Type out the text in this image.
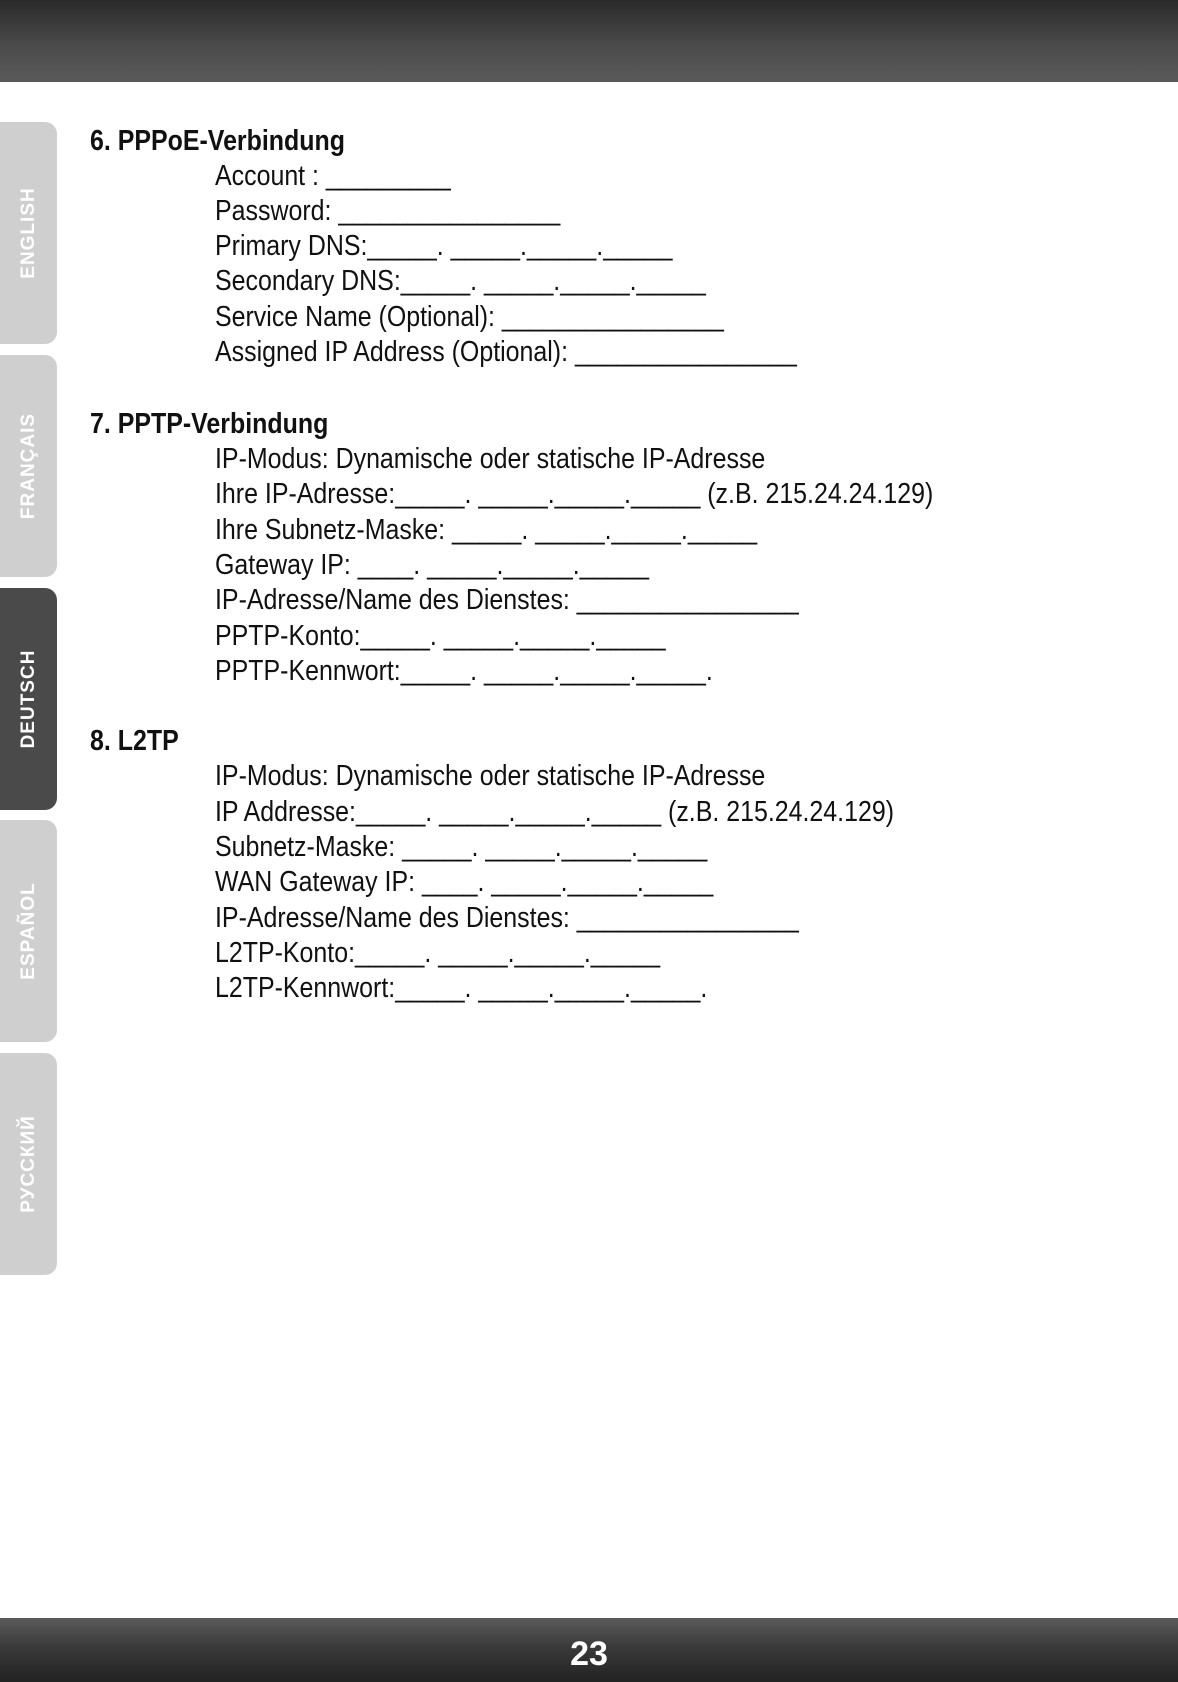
ENGLISH
FRANÇAIS
DEUTSCH
ESPAÑOL
РУССКИЙ
6. PPPoE-Verbindung
Account : _________
Password: ________________
Primary DNS:_____. _____._____._____
Secondary DNS:_____. _____._____._____
Service Name (Optional): ________________
Assigned IP Address (Optional): ________________
7. PPTP-Verbindung
IP-Modus: Dynamische oder statische IP-Adresse
Ihre IP-Adresse:_____. _____._____._____ (z.B. 215.24.24.129)
Ihre Subnetz-Maske: _____. _____._____._____
Gateway IP: ____. _____._____._____
IP-Adresse/Name des Dienstes: ________________
PPTP-Konto:_____. _____._____._____
PPTP-Kennwort:_____. _____._____._____.
8. L2TP
IP-Modus: Dynamische oder statische IP-Adresse
IP Addresse:_____. _____._____._____ (z.B. 215.24.24.129)
Subnetz-Maske: _____. _____._____._____
WAN Gateway IP: ____. _____._____._____
IP-Adresse/Name des Dienstes: ________________
L2TP-Konto:_____. _____._____._____
L2TP-Kennwort:_____. _____._____._____.
23
